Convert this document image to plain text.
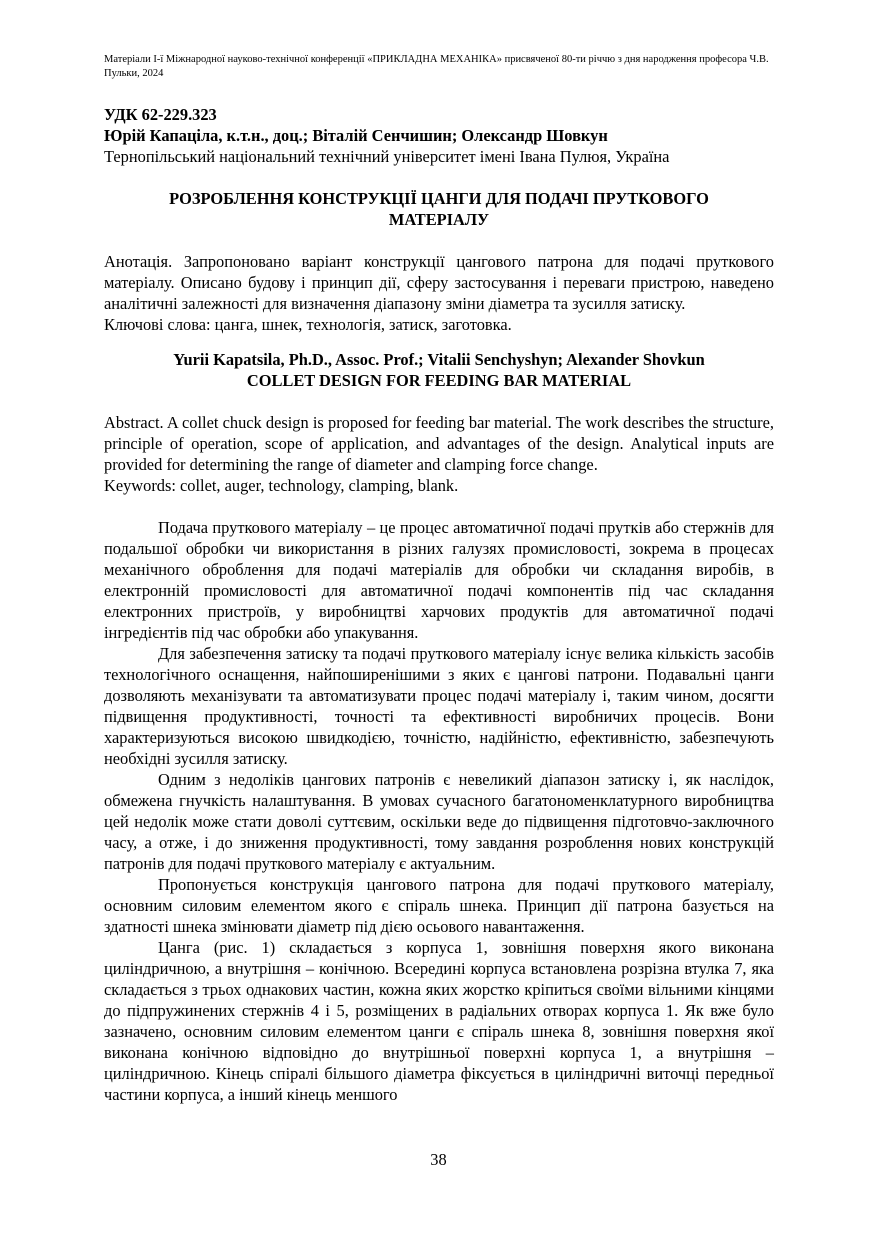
Матеріали I-ї Міжнародної науково-технічної конференції «ПРИКЛАДНА МЕХАНІКА» присвяченої 80-ти річчю з дня народження професора Ч.В. Пульки, 2024

УДК 62-229.323

Юрій Капаціла, к.т.н., доц.; Віталій Сенчишин; Олександр Шовкун

Тернопільський національний технічний університет імені Івана Пулюя, Україна

РОЗРОБЛЕННЯ КОНСТРУКЦІЇ ЦАНГИ ДЛЯ ПОДАЧІ ПРУТКОВОГО МАТЕРІАЛУ

Анотація. Запропоновано варіант конструкції цангового патрона для подачі пруткового матеріалу. Описано будову і принцип дії, сферу застосування і переваги пристрою, наведено аналітичні залежності для визначення діапазону зміни діаметра та зусилля затиску.

Ключові слова: цанга, шнек, технологія, затиск, заготовка.

Yurii Kapatsila, Ph.D., Assoc. Prof.; Vitalii Senchyshyn; Alexander Shovkun

COLLET DESIGN FOR FEEDING BAR MATERIAL

Abstract. A collet chuck design is proposed for feeding bar material. The work describes the structure, principle of operation, scope of application, and advantages of the design. Analytical inputs are provided for determining the range of diameter and clamping force change.

Keywords: collet, auger, technology, clamping, blank.

Подача пруткового матеріалу – це процес автоматичної подачі прутків або стержнів для подальшої обробки чи використання в різних галузях промисловості, зокрема в процесах механічного оброблення для подачі матеріалів для обробки чи складання виробів, в електронній промисловості для автоматичної подачі компонентів під час складання електронних пристроїв, у виробництві харчових продуктів для автоматичної подачі інгредієнтів під час обробки або упакування.

Для забезпечення затиску та подачі пруткового матеріалу існує велика кількість засобів технологічного оснащення, найпоширенішими з яких є цангові патрони. Подавальні цанги дозволяють механізувати та автоматизувати процес подачі матеріалу і, таким чином, досягти підвищення продуктивності, точності та ефективності виробничих процесів. Вони характеризуються високою швидкодією, точністю, надійністю, ефективністю, забезпечують необхідні зусилля затиску.

Одним з недоліків цангових патронів є невеликий діапазон затиску і, як наслідок, обмежена гнучкість налаштування. В умовах сучасного багатономенклатурного виробництва цей недолік може стати доволі суттєвим, оскільки веде до підвищення підготовчо-заключного часу, а отже, і до зниження продуктивності, тому завдання розроблення нових конструкцій патронів для подачі пруткового матеріалу є актуальним.

Пропонується конструкція цангового патрона для подачі пруткового матеріалу, основним силовим елементом якого є спіраль шнека. Принцип дії патрона базується на здатності шнека змінювати діаметр під дією осьового навантаження.

Цанга (рис. 1) складається з корпуса 1, зовнішня поверхня якого виконана циліндричною, а внутрішня – конічною. Всередині корпуса встановлена розрізна втулка 7, яка складається з трьох однакових частин, кожна яких жорстко кріпиться своїми вільними кінцями до підпружинених стержнів 4 і 5, розміщених в радіальних отворах корпуса 1. Як вже було зазначено, основним силовим елементом цанги є спіраль шнека 8, зовнішня поверхня якої виконана конічною відповідно до внутрішньої поверхні корпуса 1, а внутрішня – циліндричною. Кінець спіралі більшого діаметра фіксується в циліндричні виточці передньої частини корпуса, а інший кінець меншого

38
